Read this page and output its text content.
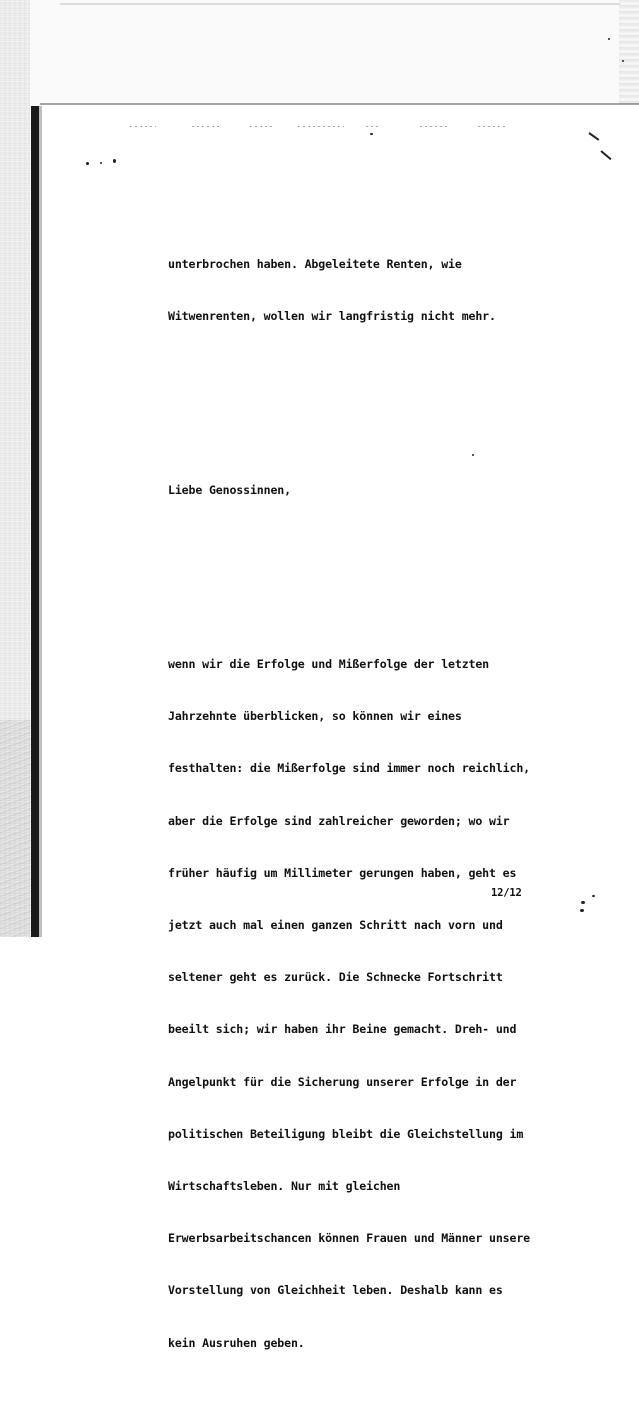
unterbrochen haben. Abgeleitete Renten, wie

Witwenrenten, wollen wir langfristig nicht mehr.

Liebe Genossinnen,

wenn wir die Erfolge und Mißerfolge der letzten

Jahrzehnte überblicken, so können wir eines

festhalten: die Mißerfolge sind immer noch reichlich,

aber die Erfolge sind zahlreicher geworden; wo wir

früher häufig um Millimeter gerungen haben, geht es

jetzt auch mal einen ganzen Schritt nach vorn und

seltener geht es zurück. Die Schnecke Fortschritt

beeilt sich; wir haben ihr Beine gemacht. Dreh- und

Angelpunkt für die Sicherung unserer Erfolge in der

politischen Beteiligung bleibt die Gleichstellung im

Wirtschaftsleben. Nur mit gleichen

Erwerbsarbeitschancen können Frauen und Männer unsere

Vorstellung von Gleichheit leben. Deshalb kann es

kein Ausruhen geben.

12/12
